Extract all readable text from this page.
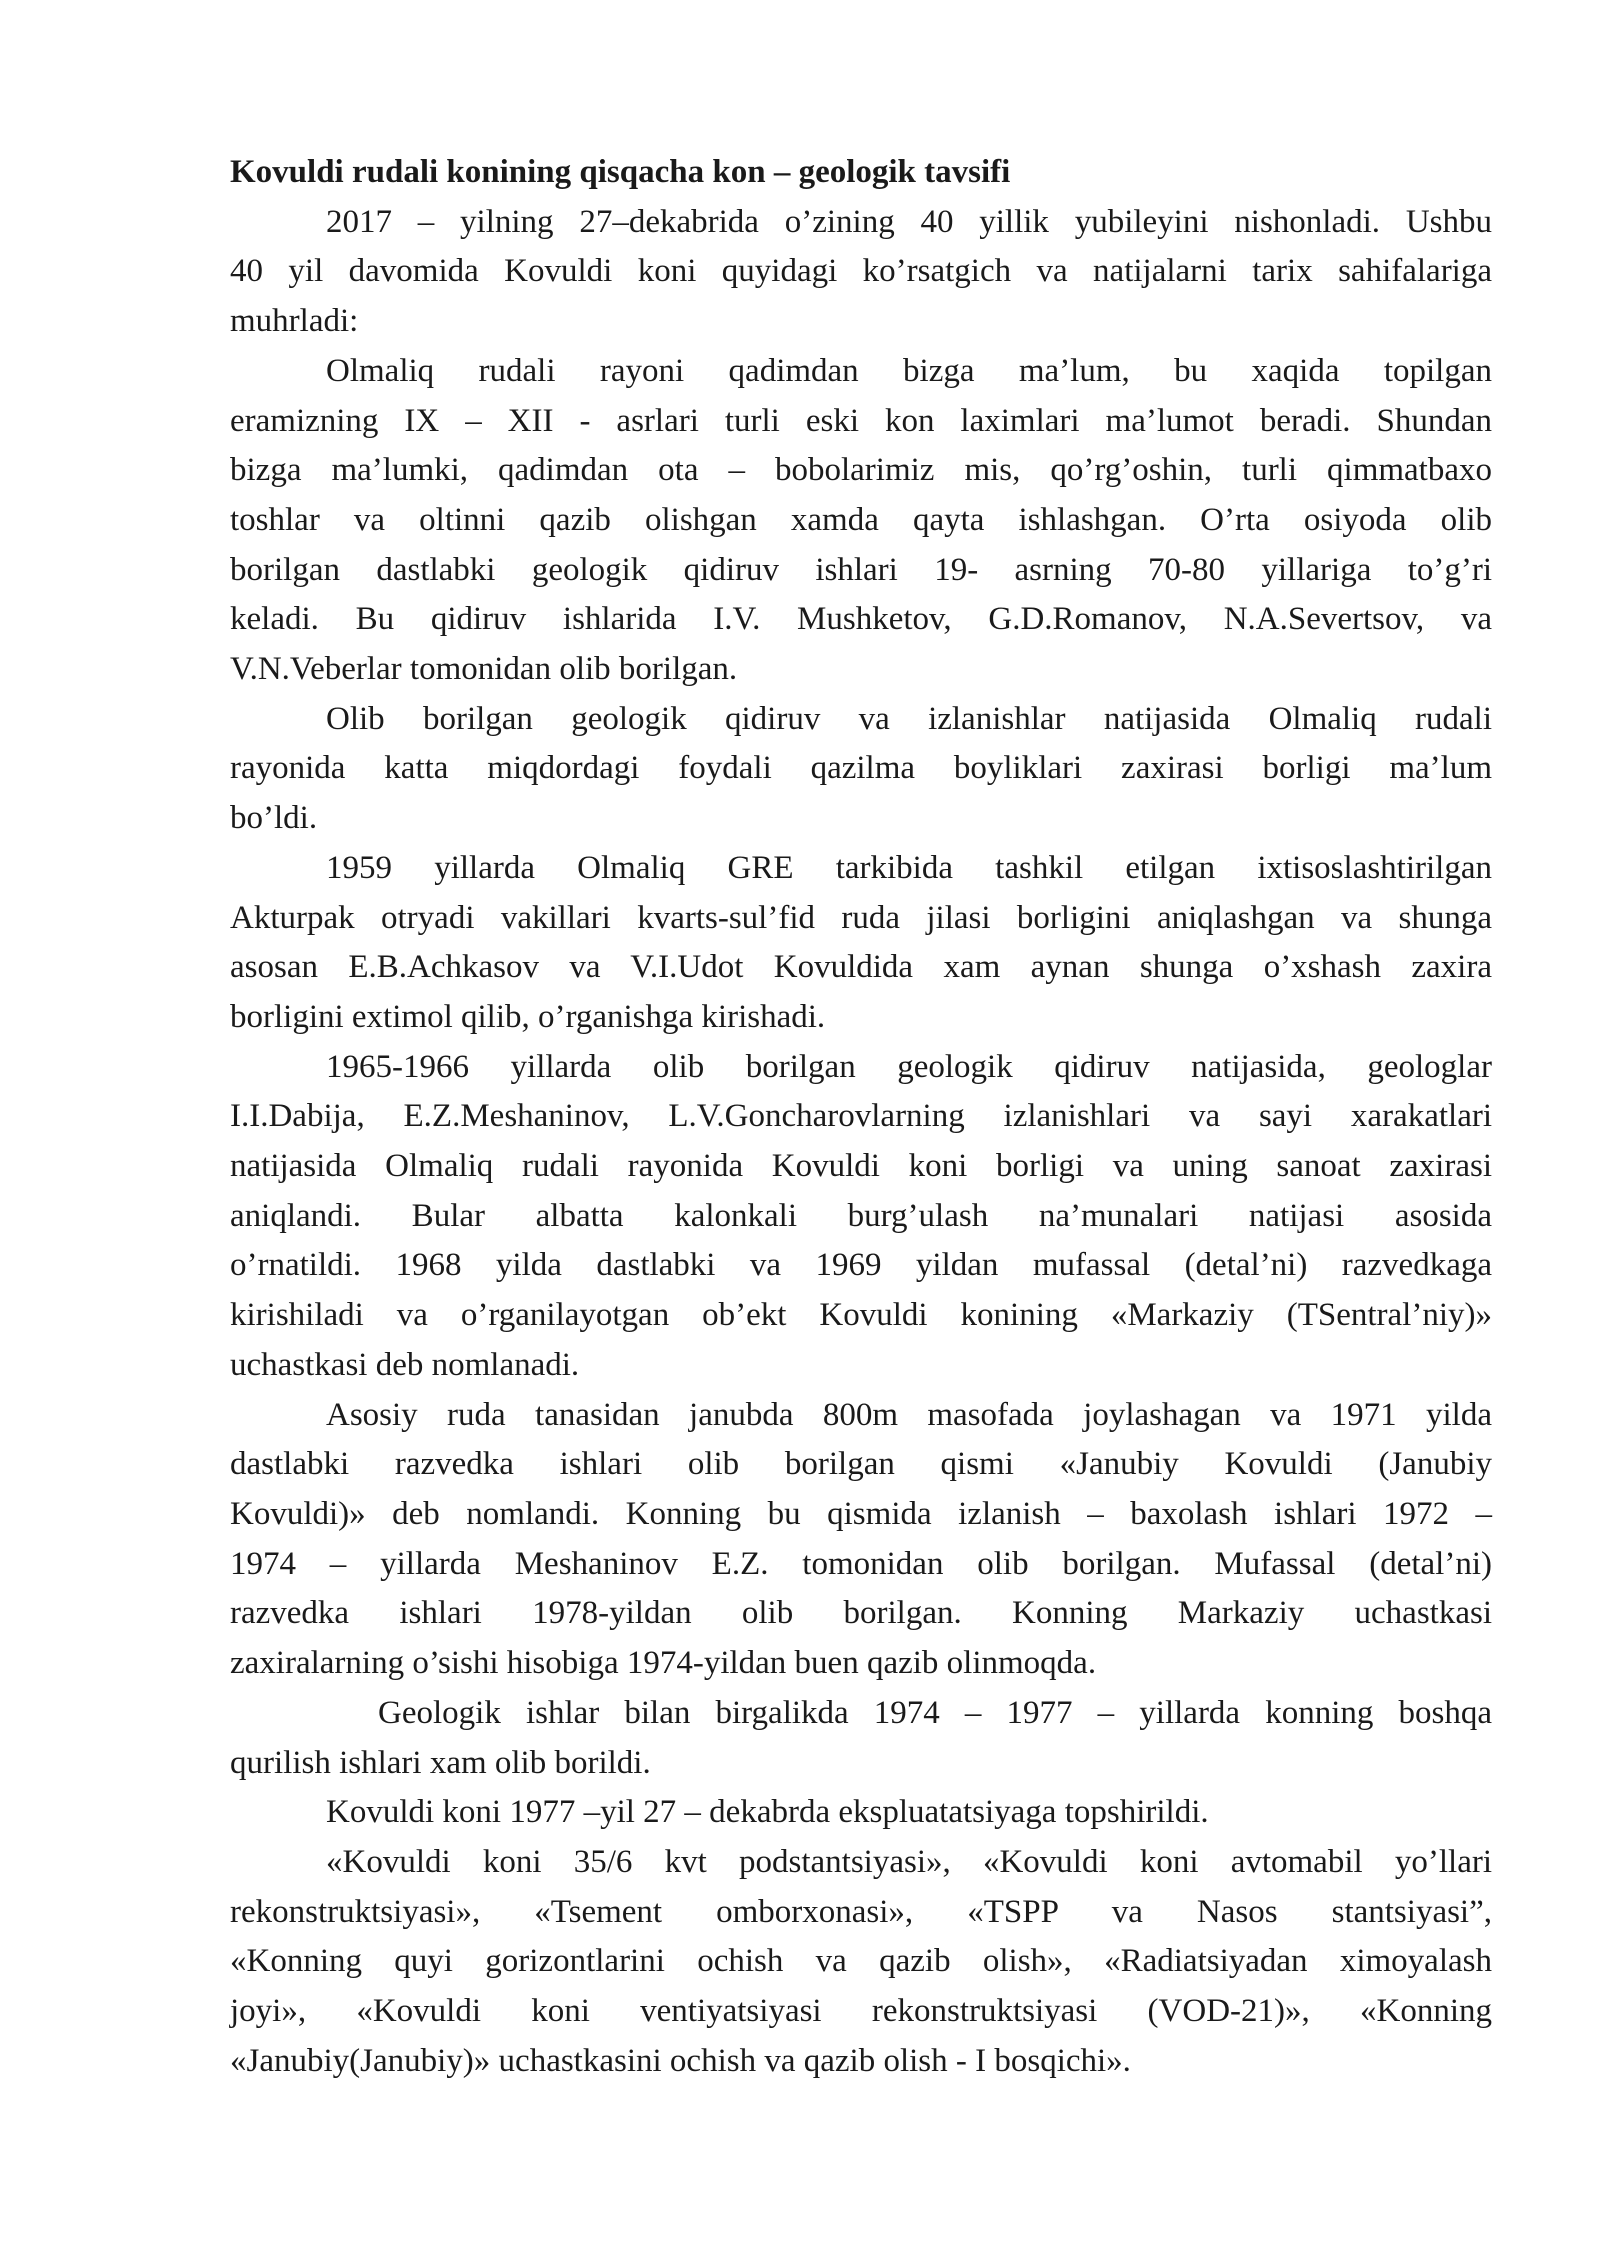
Kovuldi rudali konining qisqacha kon – geologik tavsifi

2017 – yilning 27–dekabrida o’zining 40 yillik yubileyini nishonladi. Ushbu
40 yil davomida Kovuldi koni quyidagi ko’rsatgich va natijalarni tarix sahifalariga
muhrladi:
Olmaliq rudali rayoni qadimdan bizga ma’lum, bu xaqida topilgan
eramizning IX – XII - asrlari turli eski kon laximlari ma’lumot beradi. Shundan
bizga ma’lumki, qadimdan ota – bobolarimiz mis, qo’rg’oshin, turli qimmatbaxo
toshlar va oltinni qazib olishgan xamda qayta ishlashgan. O’rta osiyoda olib
borilgan dastlabki geologik qidiruv ishlari 19- asrning 70-80 yillariga to’g’ri
keladi. Bu qidiruv ishlarida I.V. Mushketov, G.D.Romanov, N.A.Severtsov, va
V.N.Veberlar tomonidan olib borilgan.
Olib borilgan geologik qidiruv va izlanishlar natijasida Olmaliq rudali
rayonida katta miqdordagi foydali qazilma boyliklari zaxirasi borligi ma’lum
bo’ldi.
1959 yillarda Olmaliq GRE tarkibida tashkil etilgan ixtisoslashtirilgan
Akturpak otryadi vakillari kvarts-sul’fid ruda jilasi borligini aniqlashgan va shunga
asosan E.B.Achkasov va V.I.Udot Kovuldida xam aynan shunga o’xshash zaxira
borligini extimol qilib, o’rganishga kirishadi.
1965-1966 yillarda olib borilgan geologik qidiruv natijasida, geologlar
I.I.Dabija, E.Z.Meshaninov, L.V.Goncharovlarning izlanishlari va sayi xarakatlari
natijasida Olmaliq rudali rayonida Kovuldi koni borligi va uning sanoat zaxirasi
aniqlandi. Bular albatta kalonkali burg’ulash na’munalari natijasi asosida
o’rnatildi. 1968 yilda dastlabki va 1969 yildan mufassal (detal’ni) razvedkaga
kirishiladi va o’rganilayotgan ob’ekt Kovuldi konining «Markaziy (TSentral’niy)»
uchastkasi deb nomlanadi.
Asosiy ruda tanasidan janubda 800m masofada joylashagan va 1971 yilda
dastlabki razvedka ishlari olib borilgan qismi «Janubiy Kovuldi (Janubiy
Kovuldi)» deb nomlandi. Konning bu qismida izlanish – baxolash ishlari 1972 –
1974 – yillarda Meshaninov E.Z. tomonidan olib borilgan. Mufassal (detal’ni)
razvedka ishlari 1978-yildan olib borilgan. Konning Markaziy uchastkasi
zaxiralarning o’sishi hisobiga 1974-yildan buen qazib olinmoqda.
Geologik ishlar bilan birgalikda 1974 – 1977 – yillarda konning boshqa
qurilish ishlari xam olib borildi.
Kovuldi koni 1977 –yil 27 – dekabrda ekspluatatsiyaga topshirildi.
«Kovuldi koni 35/6 kvt podstantsiyasi», «Kovuldi koni avtomabil yo’llari
rekonstruktsiyasi», «Tsement omborxonasi», «TSPP va Nasos stantsiyasi”,
«Konning quyi gorizontlarini ochish va qazib olish», «Radiatsiyadan ximoyalash
joyi», «Kovuldi koni ventiyatsiyasi rekonstruktsiyasi (VOD-21)», «Konning
«Janubiy(Janubiy)» uchastkasini ochish va qazib olish - I bosqichi».
